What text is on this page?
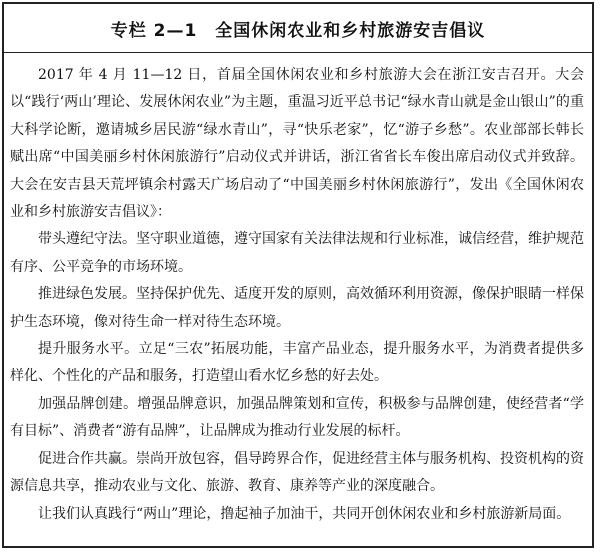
专栏 2—1 全国休闲农业和乡村旅游安吉倡议

2017 年 4 月 11—12 日，首届全国休闲农业和乡村旅游大会在浙江安吉召开。大会以“践行‘两山’理论、发展休闲农业”为主题，重温习近平总书记“绿水青山就是金山银山”的重大科学论断，邀请城乡居民游“绿水青山”，寻“快乐老家”，忆“游子乡愁”。农业部部长韩长赋出席“中国美丽乡村休闲旅游行”启动仪式并讲话，浙江省省长车俊出席启动仪式并致辞。大会在安吉县天荒坪镇余村露天广场启动了“中国美丽乡村休闲旅游行”，发出《全国休闲农业和乡村旅游安吉倡议》：

带头遵纪守法。坚守职业道德，遵守国家有关法律法规和行业标准，诚信经营，维护规范有序、公平竞争的市场环境。

推进绿色发展。坚持保护优先、适度开发的原则，高效循环利用资源，像保护眼睛一样保护生态环境，像对待生命一样对待生态环境。

提升服务水平。立足“三农”拓展功能，丰富产品业态，提升服务水平，为消费者提供多样化、个性化的产品和服务，打造望山看水忆乡愁的好去处。

加强品牌创建。增强品牌意识，加强品牌策划和宣传，积极参与品牌创建，使经营者“学有目标”、消费者“游有品牌”，让品牌成为推动行业发展的标杆。

促进合作共赢。崇尚开放包容，倡导跨界合作，促进经营主体与服务机构、投资机构的资源信息共享，推动农业与文化、旅游、教育、康养等产业的深度融合。

让我们认真践行“两山”理论，撸起袖子加油干，共同开创休闲农业和乡村旅游新局面。
